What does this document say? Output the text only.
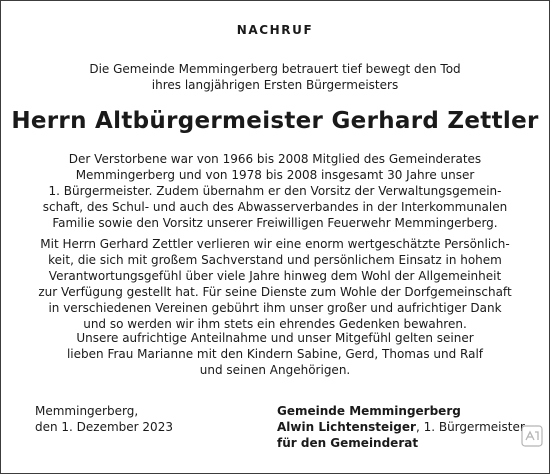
NACHRUF
Die Gemeinde Memmingerberg betrauert tief bewegt den Tod
ihres langjährigen Ersten Bürgermeisters
Herrn Altbürgermeister Gerhard Zettler
Der Verstorbene war von 1966 bis 2008 Mitglied des Gemeinderates
Memmingerberg und von 1978 bis 2008 insgesamt 30 Jahre unser
1. Bürgermeister. Zudem übernahm er den Vorsitz der Verwaltungsgemein-
schaft, des Schul- und auch des Abwasserverbandes in der Interkommunalen
Familie sowie den Vorsitz unserer Freiwilligen Feuerwehr Memmingerberg.
Mit Herrn Gerhard Zettler verlieren wir eine enorm wertgeschätzte Persönlich-
keit, die sich mit großem Sachverstand und persönlichem Einsatz in hohem
Verantwortungsgefühl über viele Jahre hinweg dem Wohl der Allgemeinheit
zur Verfügung gestellt hat. Für seine Dienste zum Wohle der Dorfgemeinschaft
in verschiedenen Vereinen gebührt ihm unser großer und aufrichtiger Dank
und so werden wir ihm stets ein ehrendes Gedenken bewahren.
Unsere aufrichtige Anteilnahme und unser Mitgefühl gelten seiner
lieben Frau Marianne mit den Kindern Sabine, Gerd, Thomas und Ralf
und seinen Angehörigen.
Memmingerberg,
den 1. Dezember 2023
Gemeinde Memmingerberg
Alwin Lichtensteiger, 1. Bürgermeister
für den Gemeinderat
